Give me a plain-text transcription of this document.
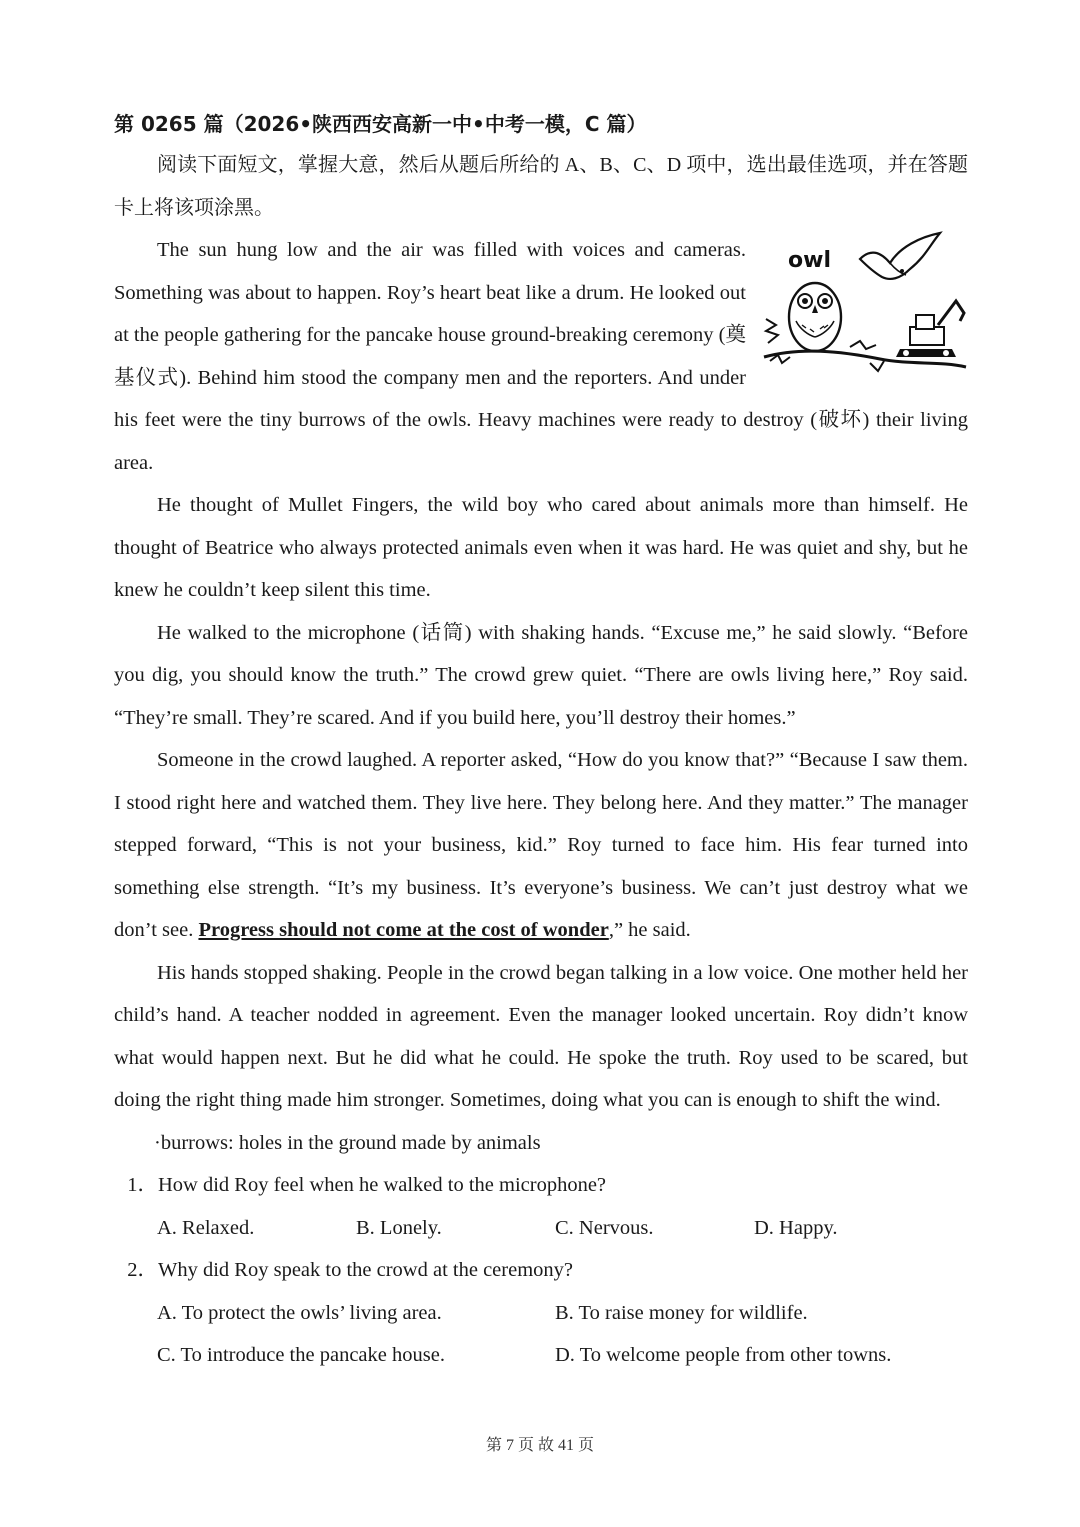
第 0265 篇（2026•陕西西安高新一中•中考一模，C 篇）

阅读下面短文，掌握大意，然后从题后所给的 A、B、C、D 项中，选出最佳选项，并在答题卡上将该项涂黑。

owl

The sun hung low and the air was filled with voices and cameras. Something was about to happen. Roy’s heart beat like a drum. He looked out at the people gathering for the pancake house ground-breaking ceremony (奠基仪式). Behind him stood the company men and the reporters. And under his feet were the tiny burrows of the owls. Heavy machines were ready to destroy (破坏) their living area.

He thought of Mullet Fingers, the wild boy who cared about animals more than himself. He thought of Beatrice who always protected animals even when it was hard. He was quiet and shy, but he knew he couldn’t keep silent this time.

He walked to the microphone (话筒) with shaking hands. “Excuse me,” he said slowly. “Before you dig, you should know the truth.” The crowd grew quiet. “There are owls living here,” Roy said. “They’re small. They’re scared. And if you build here, you’ll destroy their homes.”

Someone in the crowd laughed. A reporter asked, “How do you know that?” “Because I saw them. I stood right here and watched them. They live here. They belong here. And they matter.” The manager stepped forward, “This is not your business, kid.” Roy turned to face him. His fear turned into something else strength. “It’s my business. It’s everyone’s business. We can’t just destroy what we don’t see. Progress should not come at the cost of wonder,” he said.

His hands stopped shaking. People in the crowd began talking in a low voice. One mother held her child’s hand. A teacher nodded in agreement. Even the manager looked uncertain. Roy didn’t know what would happen next. But he did what he could. He spoke the truth. Roy used to be scared, but doing the right thing made him stronger. Sometimes, doing what you can is enough to shift the wind.

·burrows: holes in the ground made by animals

1． How did Roy feel when he walked to the microphone?
A. Relaxed.	B. Lonely.	C. Nervous.	D. Happy.
2． Why did Roy speak to the crowd at the ceremony?
A. To protect the owls’ living area.	B. To raise money for wildlife.
C. To introduce the pancake house.	D. To welcome people from other towns.
第 7 页 故 41 页
